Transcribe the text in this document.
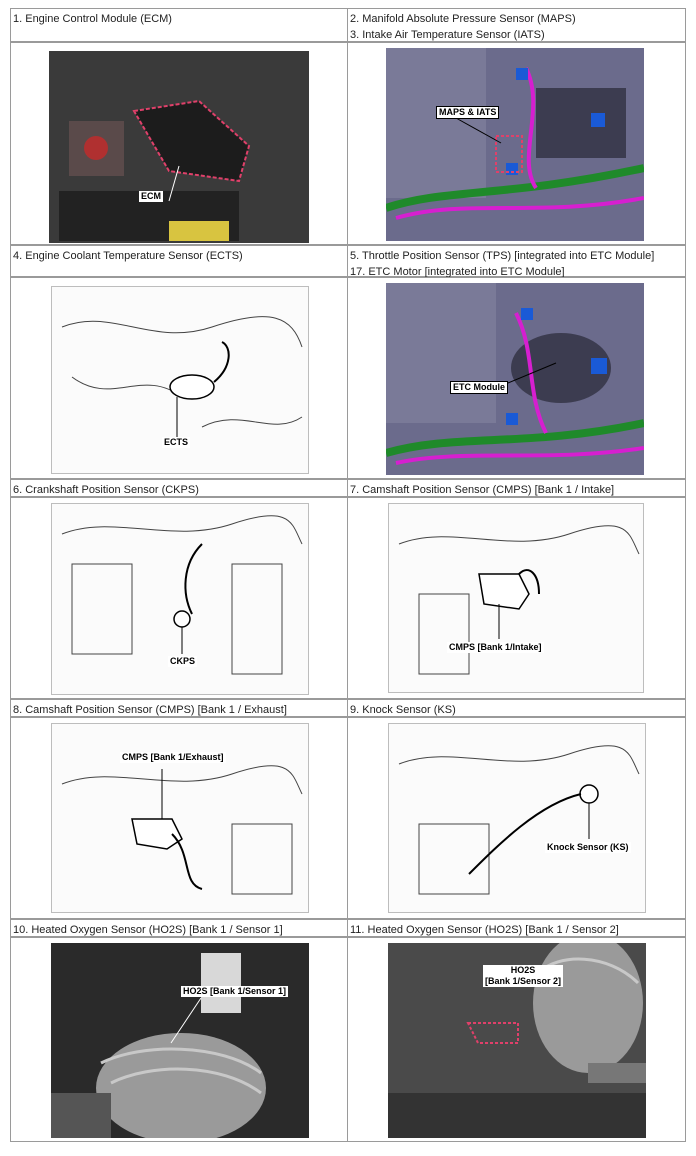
1. Engine Control Module (ECM)	2. Manifold Absolute Pressure Sensor (MAPS)
3. Intake Air Temperature Sensor (IATS)
ECM
MAPS & IATS
4. Engine Coolant Temperature Sensor (ECTS)	5. Throttle Position Sensor (TPS) [integrated into ETC Module]
17. ETC Motor [integrated into ETC Module]
ECTS
ETC Module
6. Crankshaft Position Sensor (CKPS)	7. Camshaft Position Sensor (CMPS) [Bank 1 / Intake]
CKPS
CMPS [Bank 1/Intake]
8. Camshaft Position Sensor (CMPS) [Bank 1 / Exhaust]	9. Knock Sensor (KS)
CMPS [Bank 1/Exhaust]
Knock Sensor (KS)
10. Heated Oxygen Sensor (HO2S) [Bank 1 / Sensor 1]	11. Heated Oxygen Sensor (HO2S) [Bank 1 / Sensor 2]
HO2S [Bank 1/Sensor 1]
HO2S
[Bank 1/Sensor 2]
